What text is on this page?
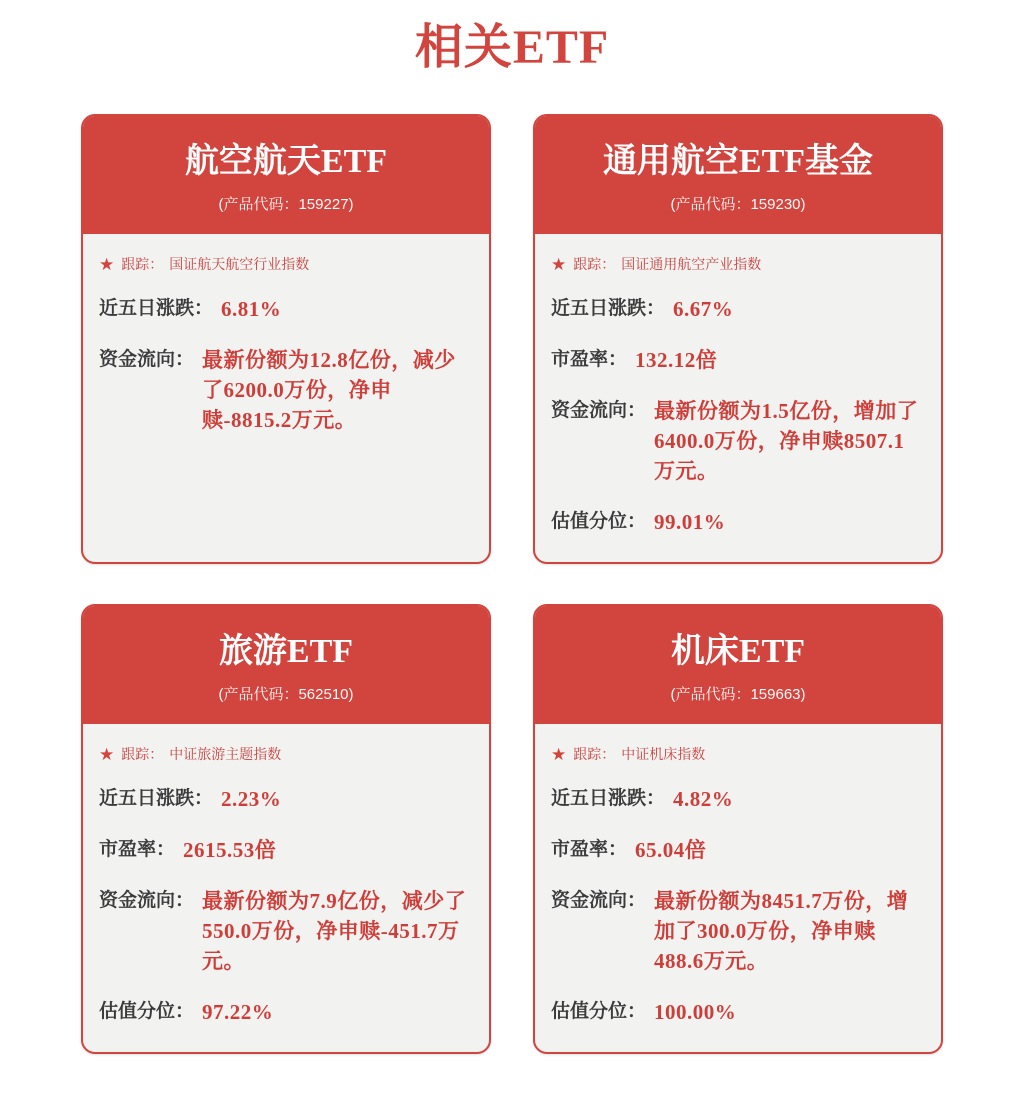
相关ETF
航空航天ETF
(产品代码：159227)
★ 跟踪： 国证航天航空行业指数
近五日涨跌： 6.81%
资金流向： 最新份额为12.8亿份，减少了6200.0万份，净申赎-8815.2万元。
通用航空ETF基金
(产品代码：159230)
★ 跟踪： 国证通用航空产业指数
近五日涨跌： 6.67%
市盈率： 132.12倍
资金流向： 最新份额为1.5亿份，增加了6400.0万份，净申赎8507.1万元。
估值分位： 99.01%
旅游ETF
(产品代码：562510)
★ 跟踪： 中证旅游主题指数
近五日涨跌： 2.23%
市盈率： 2615.53倍
资金流向： 最新份额为7.9亿份，减少了550.0万份，净申赎-451.7万元。
估值分位： 97.22%
机床ETF
(产品代码：159663)
★ 跟踪： 中证机床指数
近五日涨跌： 4.82%
市盈率： 65.04倍
资金流向： 最新份额为8451.7万份，增加了300.0万份，净申赎488.6万元。
估值分位： 100.00%
